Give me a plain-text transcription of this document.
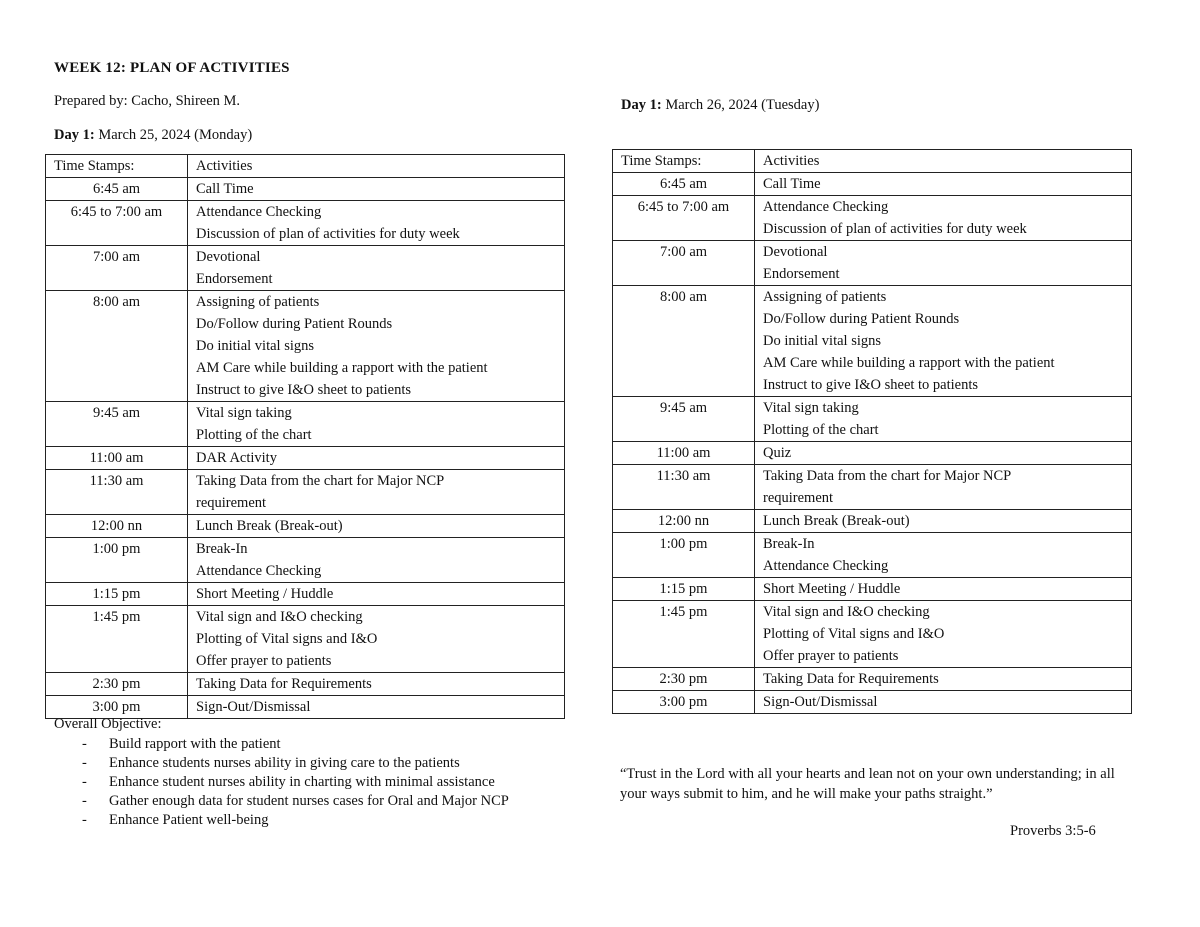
WEEK 12: PLAN OF ACTIVITIES
Prepared by: Cacho, Shireen M.
Day 1: March 25, 2024 (Monday)
Day 1: March 26, 2024 (Tuesday)
Time Stamps:	Activities
6:45 am	Call Time

6:45 to 7:00 am	Attendance Checking
Discussion of plan of activities for duty week

7:00 am	Devotional
Endorsement

8:00 am	Assigning of patients
Do/Follow during Patient Rounds
Do initial vital signs
AM Care while building a rapport with the patient
Instruct to give I&O sheet to patients

9:45 am	Vital sign taking
Plotting of the chart

11:00 am	DAR Activity

11:30 am	Taking Data from the chart for Major NCP
requirement

12:00 nn	Lunch Break (Break-out)

1:00 pm	Break-In
Attendance Checking

1:15 pm	Short Meeting / Huddle

1:45 pm	Vital sign and I&O checking
Plotting of Vital signs and I&O
Offer prayer to patients

2:30 pm	Taking Data for Requirements

3:00 pm	Sign-Out/Dismissal
Time Stamps:	Activities
6:45 am	Call Time

6:45 to 7:00 am	Attendance Checking
Discussion of plan of activities for duty week

7:00 am	Devotional
Endorsement

8:00 am	Assigning of patients
Do/Follow during Patient Rounds
Do initial vital signs
AM Care while building a rapport with the patient
Instruct to give I&O sheet to patients

9:45 am	Vital sign taking
Plotting of the chart

11:00 am	Quiz

11:30 am	Taking Data from the chart for Major NCP
requirement

12:00 nn	Lunch Break (Break-out)

1:00 pm	Break-In
Attendance Checking

1:15 pm	Short Meeting / Huddle

1:45 pm	Vital sign and I&O checking
Plotting of Vital signs and I&O
Offer prayer to patients

2:30 pm	Taking Data for Requirements

3:00 pm	Sign-Out/Dismissal
Overall Objective:
- Build rapport with the patient
- Enhance students nurses ability in giving care to the patients
- Enhance student nurses ability in charting with minimal assistance
- Gather enough data for student nurses cases for Oral and Major NCP
- Enhance Patient well-being
“Trust in the Lord with all your hearts and lean not on your own understanding; in all your ways submit to him, and he will make your paths straight.”
Proverbs 3:5-6
